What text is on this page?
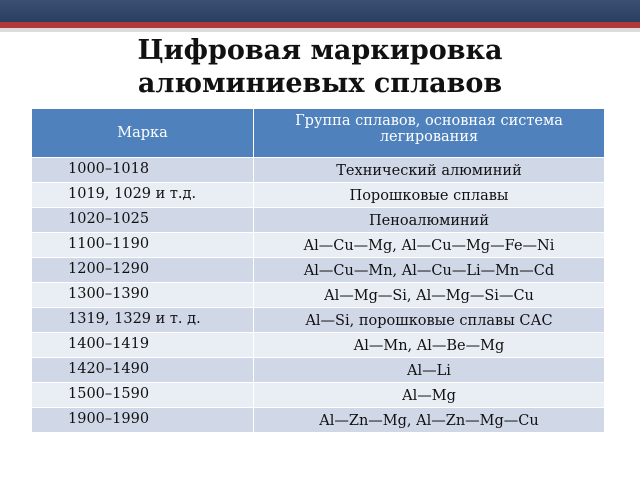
Цифровая маркировка
алюминиевых сплавов
Марка	Группа сплавов, основная система легирования
1000–1018	Технический алюминий
1019, 1029 и т.д.	Порошковые сплавы
1020–1025	Пеноалюминий
1100–1190	Al—Cu—Mg, Al—Cu—Mg—Fe—Ni
1200–1290	Al—Cu—Mn, Al—Cu—Li—Mn—Cd
1300–1390	Al—Mg—Si, Al—Mg—Si—Cu
1319, 1329 и т. д.	Al—Si, порошковые сплавы САС
1400–1419	Al—Mn, Al—Be—Mg
1420–1490	Al—Li
1500–1590	Al—Mg
1900–1990	Al—Zn—Mg, Al—Zn—Mg—Cu
